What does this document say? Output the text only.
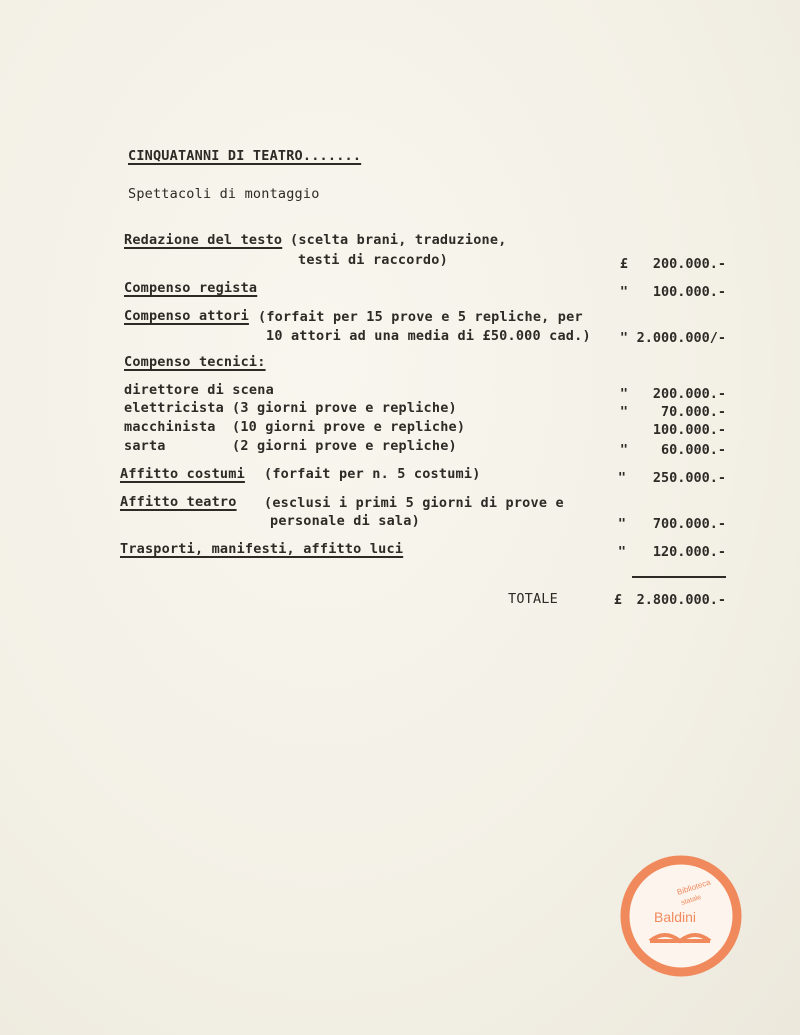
CINQUATANNI DI TEATRO.......
Spettacoli di montaggio
Redazione del testo (scelta brani, traduzione,
testi di raccordo)	£	200.000.-
Compenso regista	"	100.000.-
Compenso attori (forfait per 15 prove e 5 repliche, per
10 attori ad una media di £50.000 cad.)	" 2.000.000/-
Compenso tecnici:
direttore di scena	"	200.000.-
elettricista (3 giorni prove e repliche)	"	70.000.-
macchinista (10 giorni prove e repliche)	100.000.-
sarta	(2 giorni prove e repliche)	"	60.000.-
Affitto costumi (forfait per n. 5 costumi)	"	250.000.-
Affitto teatro (esclusi i primi 5 giorni di prove e
personale di sala)	"	700.000.-
Trasporti, manifesti, affitto luci	"	120.000.-
TOTALE	£	2.800.000.-
Biblioteca
statale
Baldini
